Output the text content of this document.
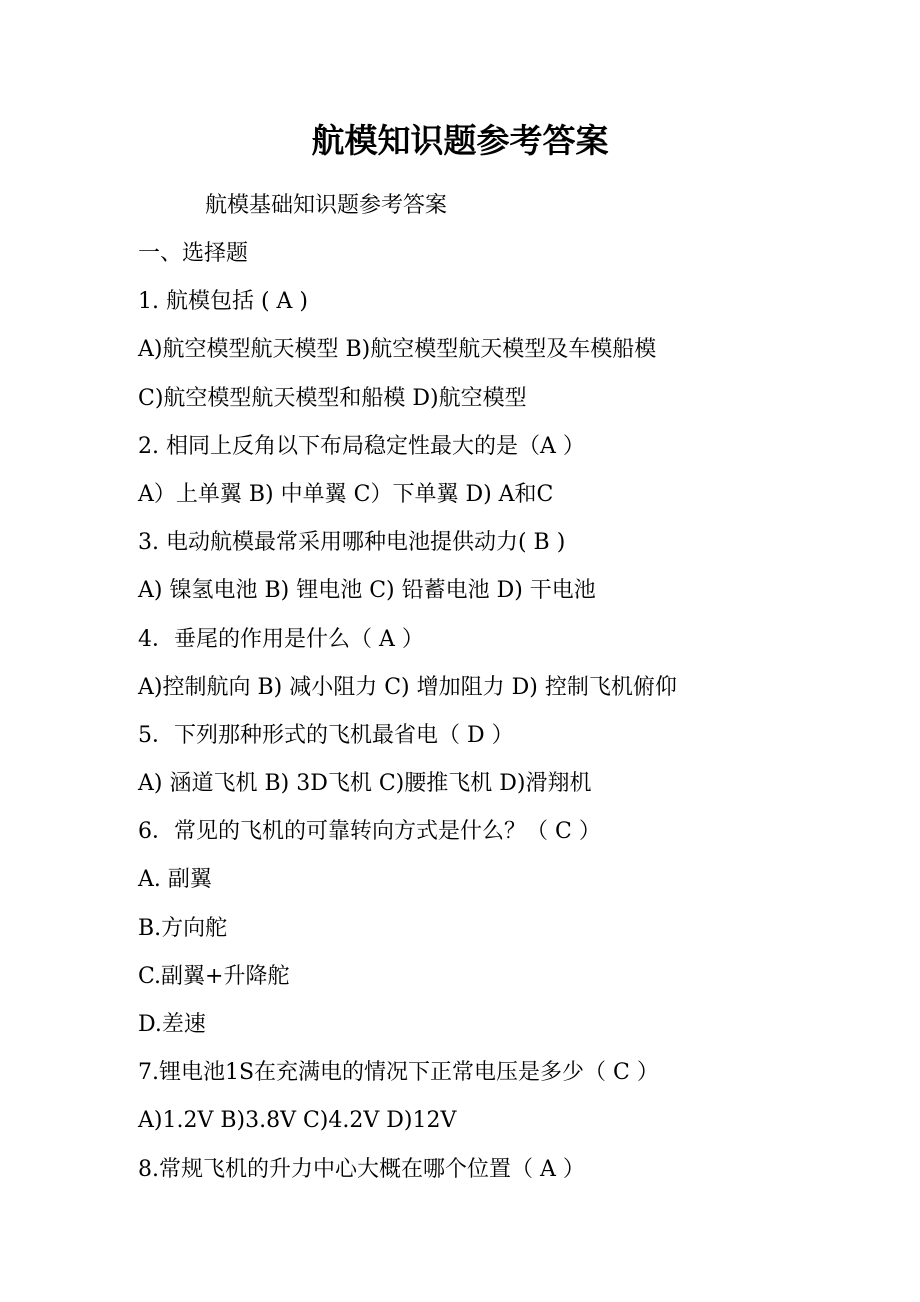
航模知识题参考答案

航模基础知识题参考答案

一、选择题
1. 航模包括 ( A )
A)航空模型航天模型 B)航空模型航天模型及车模船模
C)航空模型航天模型和船模 D)航空模型
2. 相同上反角以下布局稳定性最大的是（A ）
A）上单翼 B) 中单翼 C）下单翼 D) A和C
3. 电动航模最常采用哪种电池提供动力( B )
A) 镍氢电池 B) 锂电池 C) 铅蓄电池 D) 干电池
4．垂尾的作用是什么（ A ）
A)控制航向 B) 减小阻力 C) 增加阻力 D) 控制飞机俯仰
5．下列那种形式的飞机最省电（ D ）
A) 涵道飞机 B) 3D飞机 C)腰推飞机 D)滑翔机
6．常见的飞机的可靠转向方式是什么？（ C ）
A. 副翼
B.方向舵
C.副翼+升降舵
D.差速
7.锂电池1S在充满电的情况下正常电压是多少（ C ）
A)1.2V B)3.8V C)4.2V D)12V
8.常规飞机的升力中心大概在哪个位置（ A ）
